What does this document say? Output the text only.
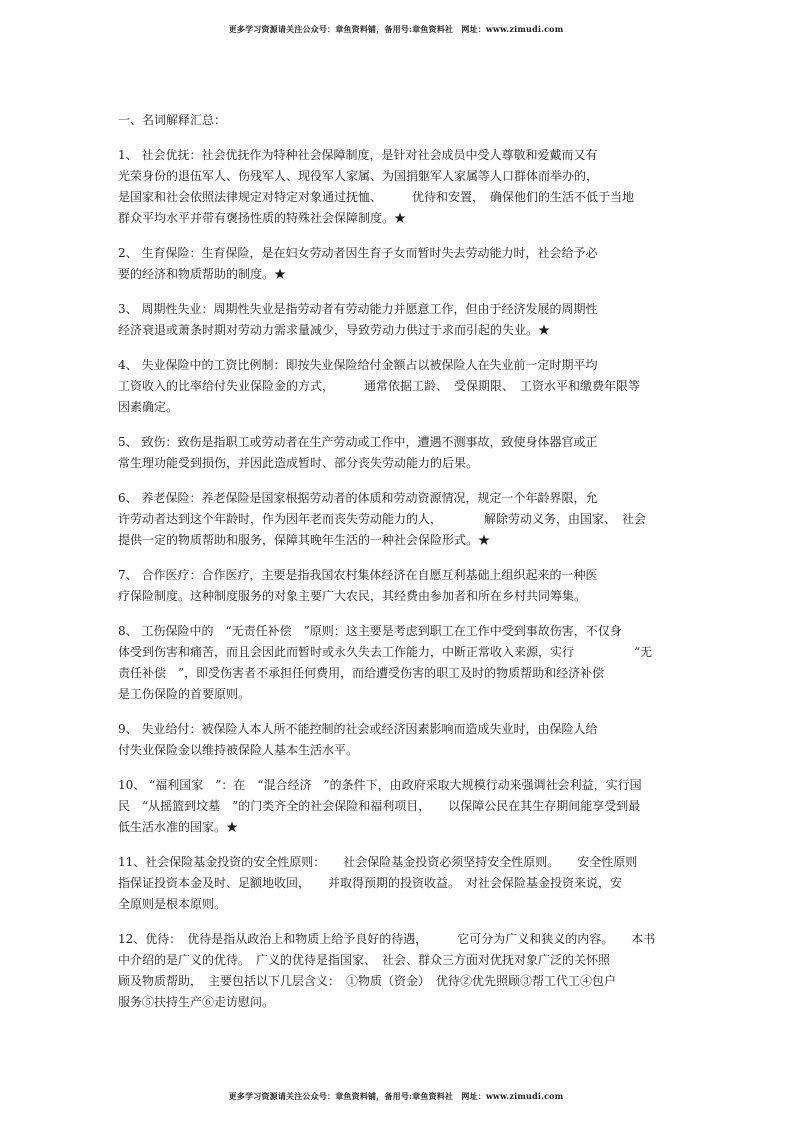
更多学习资源请关注公众号：章鱼资料铺，备用号:章鱼资料社　网址：www.zimudi.com
一、名词解释汇总：
1、 社会优抚：社会优抚作为特种社会保障制度，是针对社会成员中受人尊敬和爱戴而又有
光荣身份的退伍军人、伤残军人、现役军人家属、为国捐躯军人家属等人口群体而举办的，
是国家和社会依照法律规定对特定对象通过抚恤、　　　优待和安置，　确保他们的生活不低于当地
群众平均水平并带有褒扬性质的特殊社会保障制度。★
2、 生育保险：生育保险，是在妇女劳动者因生育子女而暂时失去劳动能力时，社会给予必
要的经济和物质帮助的制度。★
3、 周期性失业：周期性失业是指劳动者有劳动能力并愿意工作，但由于经济发展的周期性
经济衰退或萧条时期对劳动力需求量减少，导致劳动力供过于求而引起的失业。★
4、 失业保险中的工资比例制：即按失业保险给付金额占以被保险人在失业前一定时期平均
工资收入的比率给付失业保险金的方式，　　　通常依据工龄、　受保期限、　工资水平和缴费年限等
因素确定。
5、 致伤：致伤是指职工或劳动者在生产劳动或工作中，遭遇不测事故，致使身体器官或正
常生理功能受到损伤，并因此造成暂时、部分丧失劳动能力的后果。
6、 养老保险：养老保险是国家根据劳动者的体质和劳动资源情况，规定一个年龄界限，允
许劳动者达到这个年龄时，作为因年老而丧失劳动能力的人，　　　　解除劳动义务，由国家、　社会
提供一定的物质帮助和服务，保障其晚年生活的一种社会保险形式。★
7、 合作医疗：合作医疗，主要是指我国农村集体经济在自愿互利基础上组织起来的一种医
疗保险制度。这种制度服务的对象主要广大农民，其经费由参加者和所在乡村共同筹集。
8、 工伤保险中的　“无责任补偿　”原则：这主要是考虑到职工在工作中受到事故伤害，不仅身
体受到伤害和痛苦，而且会因此而暂时或永久失去工作能力，中断正常收入来源，实行　　　　　“无
责任补偿　”，即受伤害者不承担任何费用，而给遭受伤害的职工及时的物质帮助和经济补偿
是工伤保险的首要原则。
9、 失业给付：被保险人本人所不能控制的社会或经济因素影响而造成失业时，由保险人给
付失业保险金以维持被保险人基本生活水平。
10、 “福利国家　”：在　“混合经济　”的条件下，由政府采取大规模行动来强调社会利益，实行国
民　“从摇篮到坟墓　”的门类齐全的社会保险和福利项目，　　以保障公民在其生存期间能享受到最
低生活水准的国家。★
11、社会保险基金投资的安全性原则：　　社会保险基金投资必须坚持安全性原则。　　安全性原则
指保证投资本金及时、足额地收回，　　并取得预期的投资收益。　对社会保险基金投资来说，安
全原则是根本原则。
12、优待：　优待是指从政治上和物质上给予良好的待遇，　　　它可分为广义和狭义的内容。　　本书
中介绍的是广义的优待。　广义的优待是指国家、　社会、群众三方面对优抚对象广泛的关怀照
顾及物质帮助，　主要包括以下几层含义：　①物质（资金）　优待②优先照顾③帮工代工④包户
服务⑤扶持生产⑥走访慰问。
更多学习资源请关注公众号：章鱼资料铺，备用号:章鱼资料社　网址：www.zimudi.com
